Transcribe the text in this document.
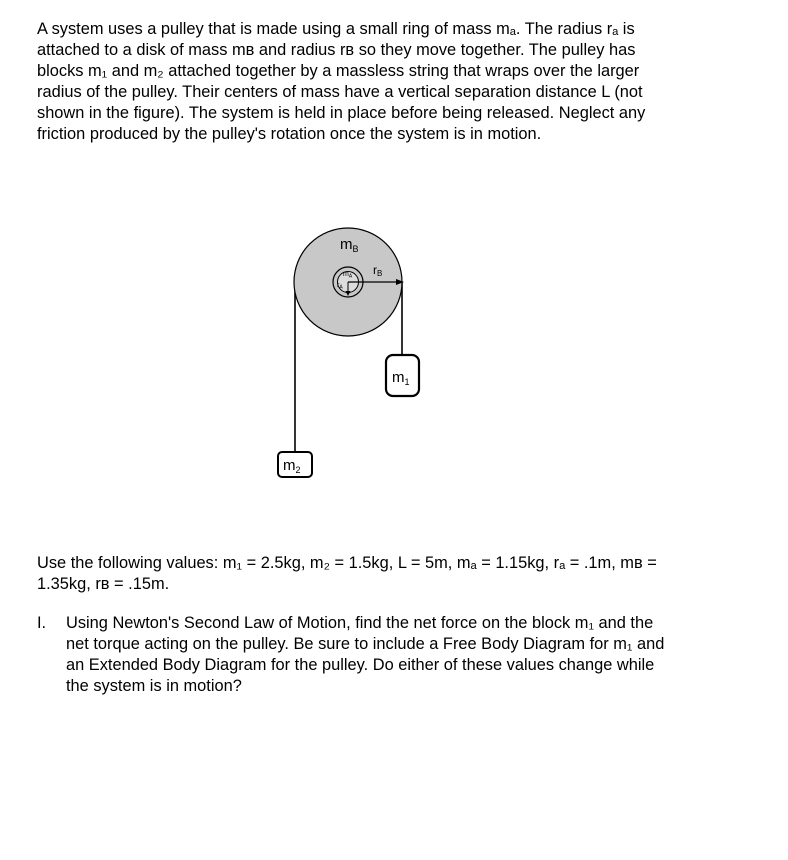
A system uses a pulley that is made using a small ring of mass mₐ. The radius rₐ is
attached to a disk of mass mʙ and radius rʙ so they move together. The pulley has
blocks m₁ and m₂ attached together by a massless string that wraps over the larger
radius of the pulley. Their centers of mass have a vertical separation distance L (not
shown in the figure). The system is held in place before being released. Neglect any
friction produced by the pulley's rotation once the system is in motion.
$m_B$
$m_A$
$r_A$
rB
$m_1$
$m_2$
Use the following values: m₁ = 2.5kg, m₂ = 1.5kg, L = 5m, mₐ = 1.15kg, rₐ = .1m, mʙ =
1.35kg, rʙ = .15m.
I. Using Newton's Second Law of Motion, find the net force on the block m₁ and the
net torque acting on the pulley. Be sure to include a Free Body Diagram for m₁ and
an Extended Body Diagram for the pulley. Do either of these values change while
the system is in motion?
